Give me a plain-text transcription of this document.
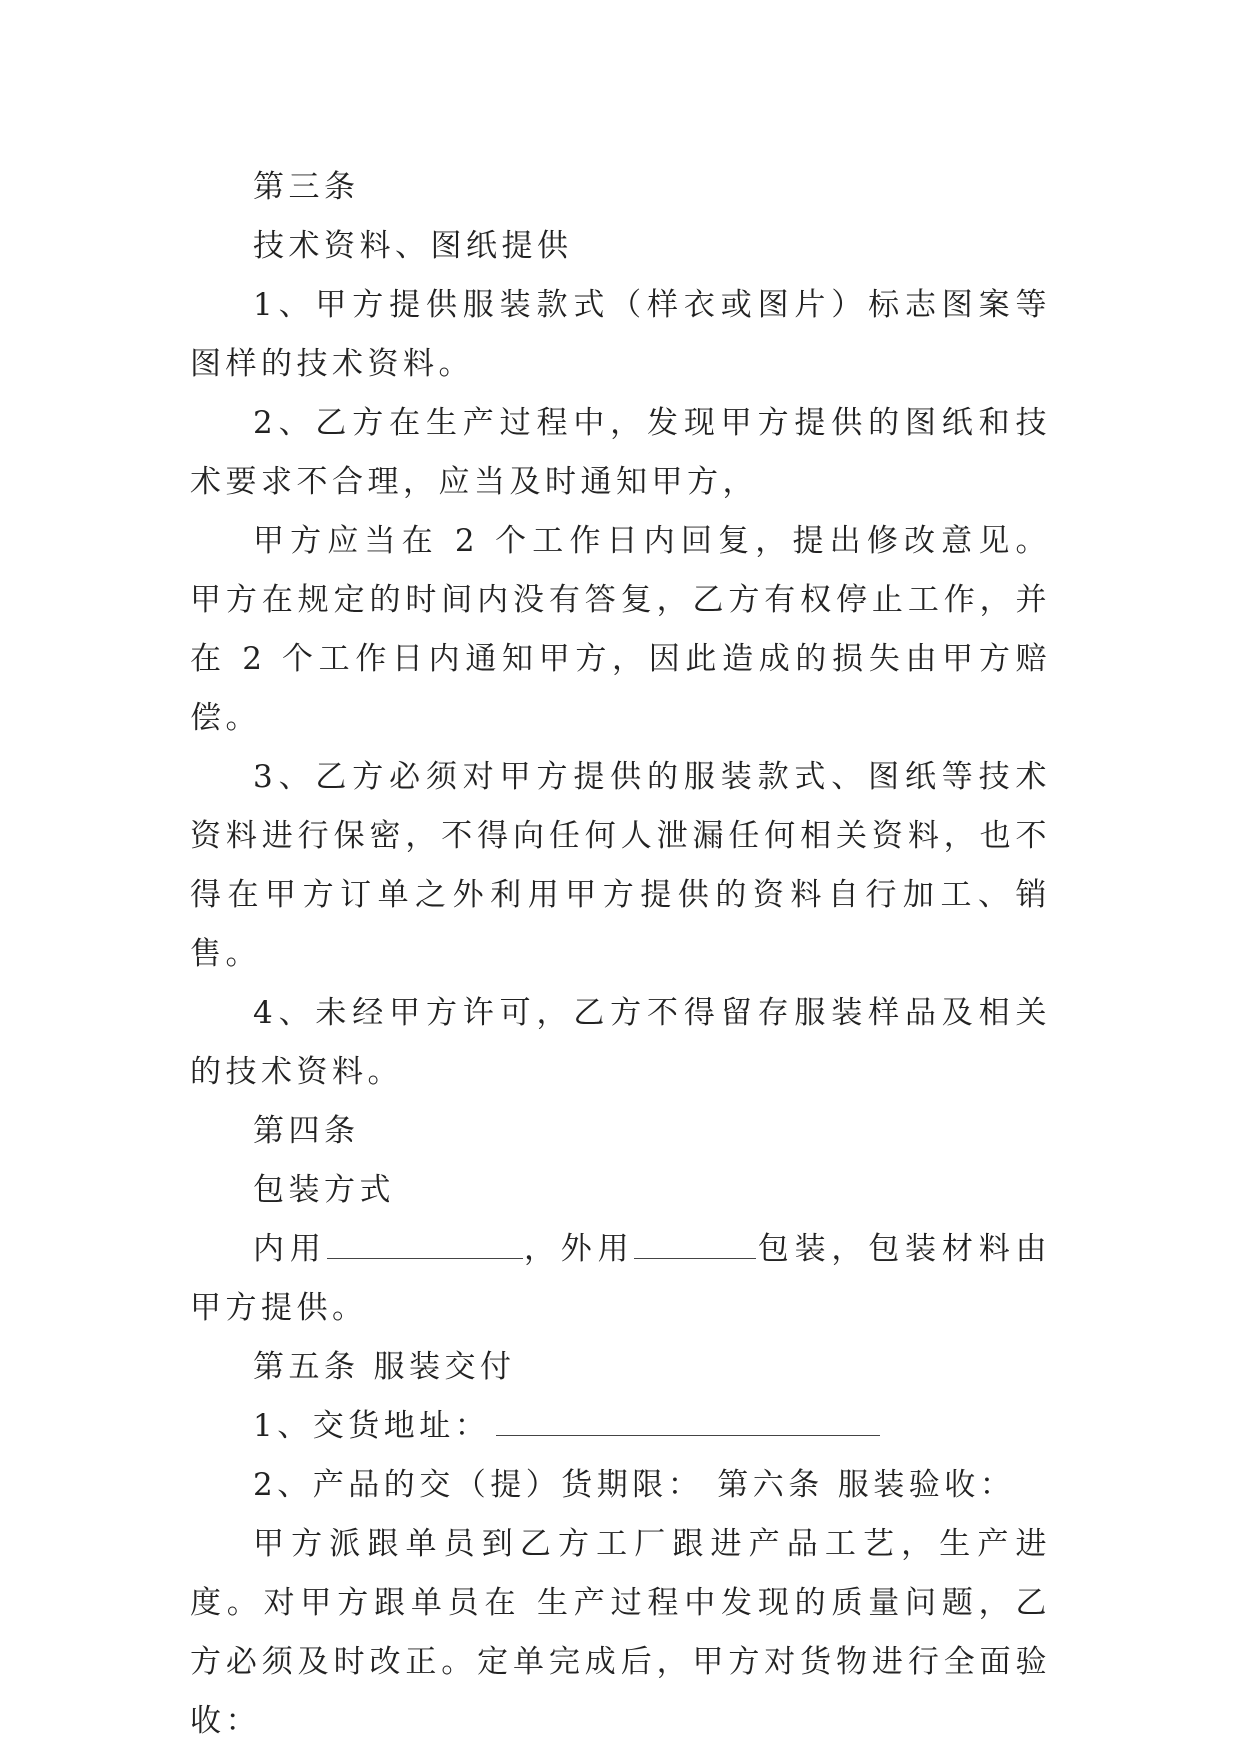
第三条

技术资料、图纸提供

1、甲方提供服装款式（样衣或图片）标志图案等图样的技术资料。

2、乙方在生产过程中，发现甲方提供的图纸和技术要求不合理，应当及时通知甲方，

甲方应当在 2 个工作日内回复，提出修改意见。甲方在规定的时间内没有答复，乙方有权停止工作，并在 2 个工作日内通知甲方，因此造成的损失由甲方赔偿。

3、乙方必须对甲方提供的服装款式、图纸等技术资料进行保密，不得向任何人泄漏任何相关资料，也不得在甲方订单之外利用甲方提供的资料自行加工、销售。

4、未经甲方许可，乙方不得留存服装样品及相关的技术资料。

第四条

包装方式

内用	，外用	包装，包装材料由甲方提供。

第五条 服装交付

1、交货地址：

2、产品的交（提）货期限： 第六条 服装验收：

甲方派跟单员到乙方工厂跟进产品工艺，生产进度。对甲方跟单员在 生产过程中发现的质量问题，乙方必须及时改正。定单完成后，甲方对货物进行全面验收：
